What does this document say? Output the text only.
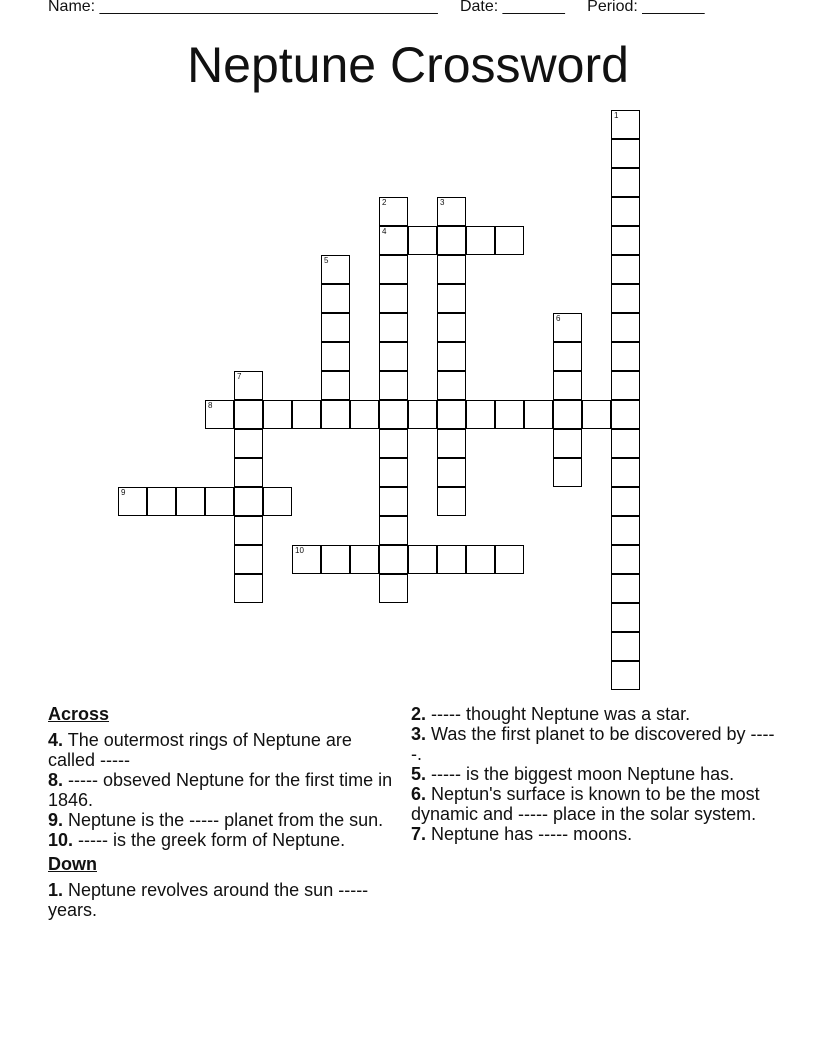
Name: ______________________________________     Date: _______     Period: _______
Neptune Crossword
1
2
4
3
5
6
7
8
9
10
Across
4. The outermost rings of Neptune are called -----
8. ----- obseved Neptune for the first time in 1846.
9. Neptune is the ----- planet from the sun.
10. ----- is the greek form of Neptune.
Down
1. Neptune revolves around the sun ----- years.
2. ----- thought Neptune was a star.
3. Was the first planet to be discovered by -----.
5. ----- is the biggest moon Neptune has.
6. Neptun's surface is known to be the most dynamic and ----- place in the solar system.
7. Neptune has ----- moons.
